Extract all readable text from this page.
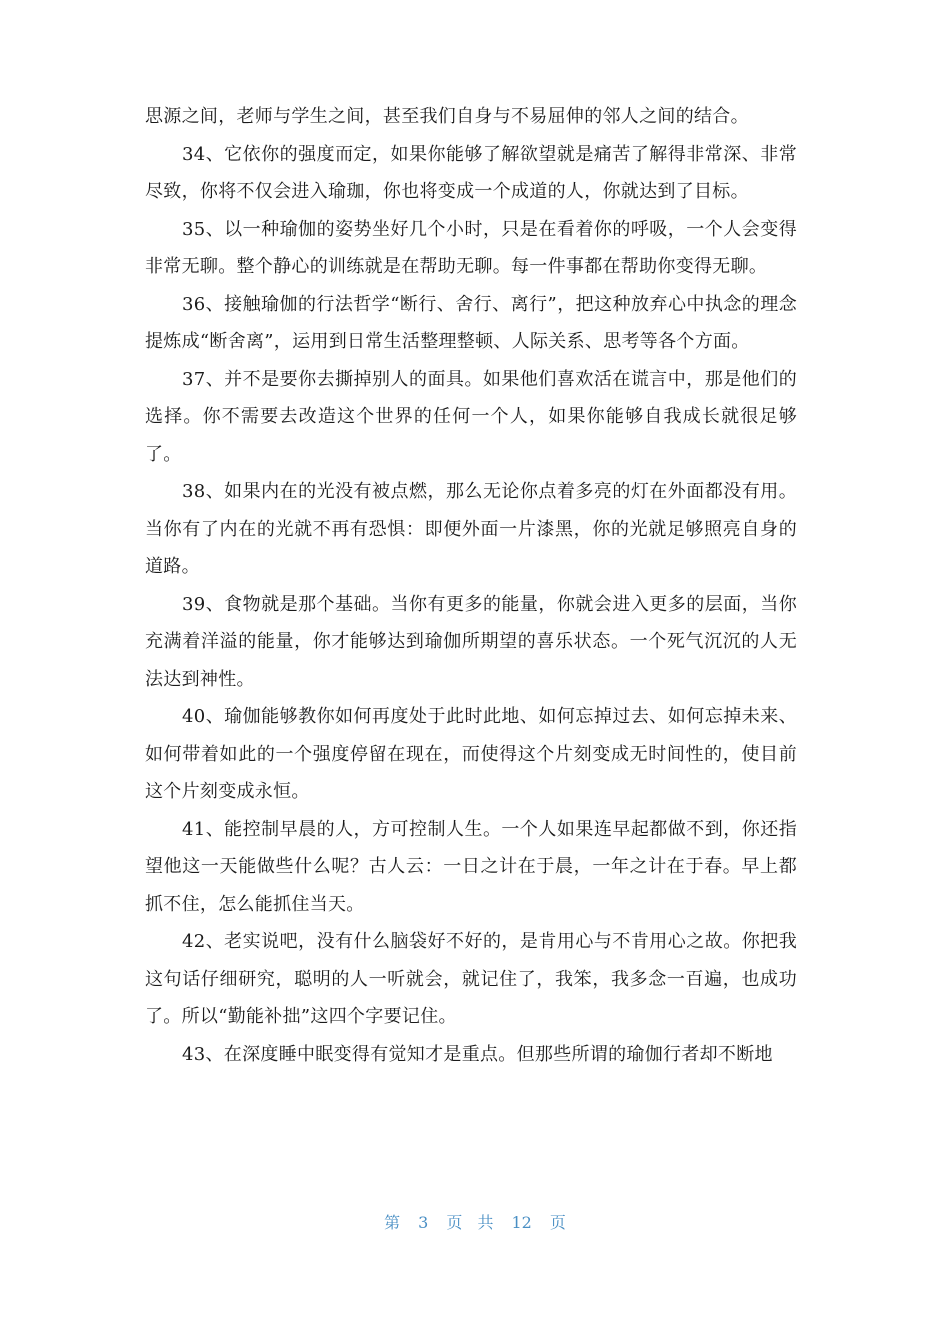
思源之间，老师与学生之间，甚至我们自身与不易屈伸的邻人之间的结合。

34、它依你的强度而定，如果你能够了解欲望就是痛苦了解得非常深、非常尽致，你将不仅会进入瑜珈，你也将变成一个成道的人，你就达到了目标。

35、以一种瑜伽的姿势坐好几个小时，只是在看着你的呼吸，一个人会变得非常无聊。整个静心的训练就是在帮助无聊。每一件事都在帮助你变得无聊。

36、接触瑜伽的行法哲学“断行、舍行、离行”，把这种放弃心中执念的理念提炼成“断舍离”，运用到日常生活整理整顿、人际关系、思考等各个方面。

37、并不是要你去撕掉别人的面具。如果他们喜欢活在谎言中，那是他们的选择。你不需要去改造这个世界的任何一个人，如果你能够自我成长就很足够了。

38、如果内在的光没有被点燃，那么无论你点着多亮的灯在外面都没有用。当你有了内在的光就不再有恐惧：即便外面一片漆黑，你的光就足够照亮自身的道路。

39、食物就是那个基础。当你有更多的能量，你就会进入更多的层面，当你充满着洋溢的能量，你才能够达到瑜伽所期望的喜乐状态。一个死气沉沉的人无法达到神性。

40、瑜伽能够教你如何再度处于此时此地、如何忘掉过去、如何忘掉未来、如何带着如此的一个强度停留在现在，而使得这个片刻变成无时间性的，使目前这个片刻变成永恒。

41、能控制早晨的人，方可控制人生。一个人如果连早起都做不到，你还指望他这一天能做些什么呢？古人云：一日之计在于晨，一年之计在于春。早上都抓不住，怎么能抓住当天。

42、老实说吧，没有什么脑袋好不好的，是肯用心与不肯用心之故。你把我这句话仔细研究，聪明的人一听就会，就记住了，我笨，我多念一百遍，也成功了。所以“勤能补拙”这四个字要记住。

43、在深度睡中眠变得有觉知才是重点。但那些所谓的瑜伽行者却不断地

第 3 页 共 12 页
